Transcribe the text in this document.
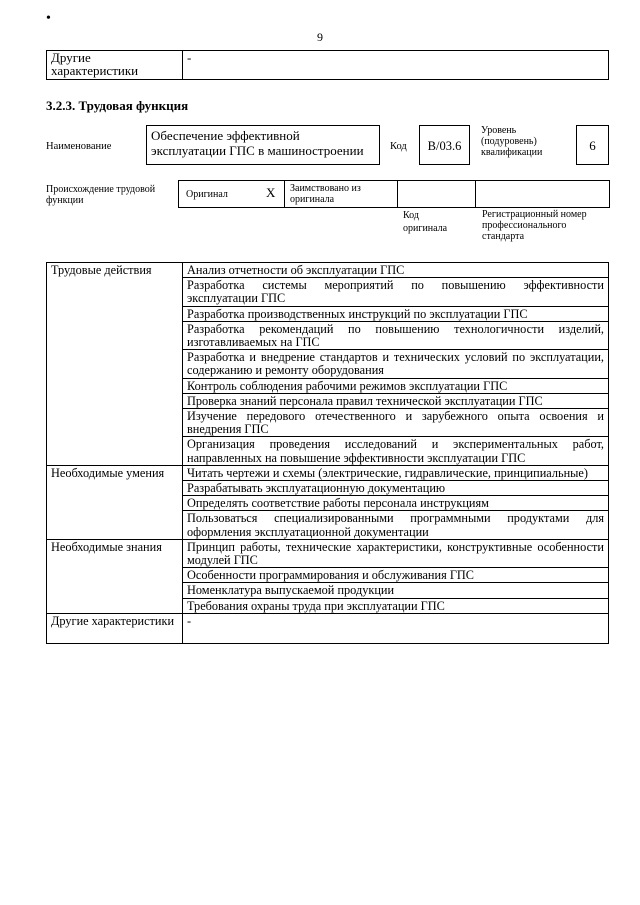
•
9
Другие характеристики	-
3.2.3. Трудовая функция
Наименование
Обеспечение эффективной эксплуатации ГПС в машиностроении	Код	B/03.6
Уровень (подуровень) квалификации	6
Происхождение трудовой функции
Оригинал	X Заимствовано из оригинала
Код оригинала
Регистрационный номер профессионального стандарта
Трудовые действия	Анализ отчетности об эксплуатации ГПС
	Разработка системы мероприятий по повышению эффективности эксплуатации ГПС
	Разработка производственных инструкций по эксплуатации ГПС
	Разработка рекомендаций по повышению технологичности изделий, изготавливаемых на ГПС
	Разработка и внедрение стандартов и технических условий по эксплуатации, содержанию и ремонту оборудования
	Контроль соблюдения рабочими режимов эксплуатации ГПС
	Проверка знаний персонала правил технической эксплуатации ГПС
	Изучение передового отечественного и зарубежного опыта освоения и внедрения ГПС
	Организация проведения исследований и экспериментальных работ, направленных на повышение эффективности эксплуатации ГПС
Необходимые умения	Читать чертежи и схемы (электрические, гидравлические, принципиальные)
	Разрабатывать эксплуатационную документацию
	Определять соответствие работы персонала инструкциям
	Пользоваться специализированными программными продуктами для оформления эксплуатационной документации
Необходимые знания	Принцип работы, технические характеристики, конструктивные особенности модулей ГПС
	Особенности программирования и обслуживания ГПС
	Номенклатура выпускаемой продукции
	Требования охраны труда при эксплуатации ГПС
Другие характеристики	-
